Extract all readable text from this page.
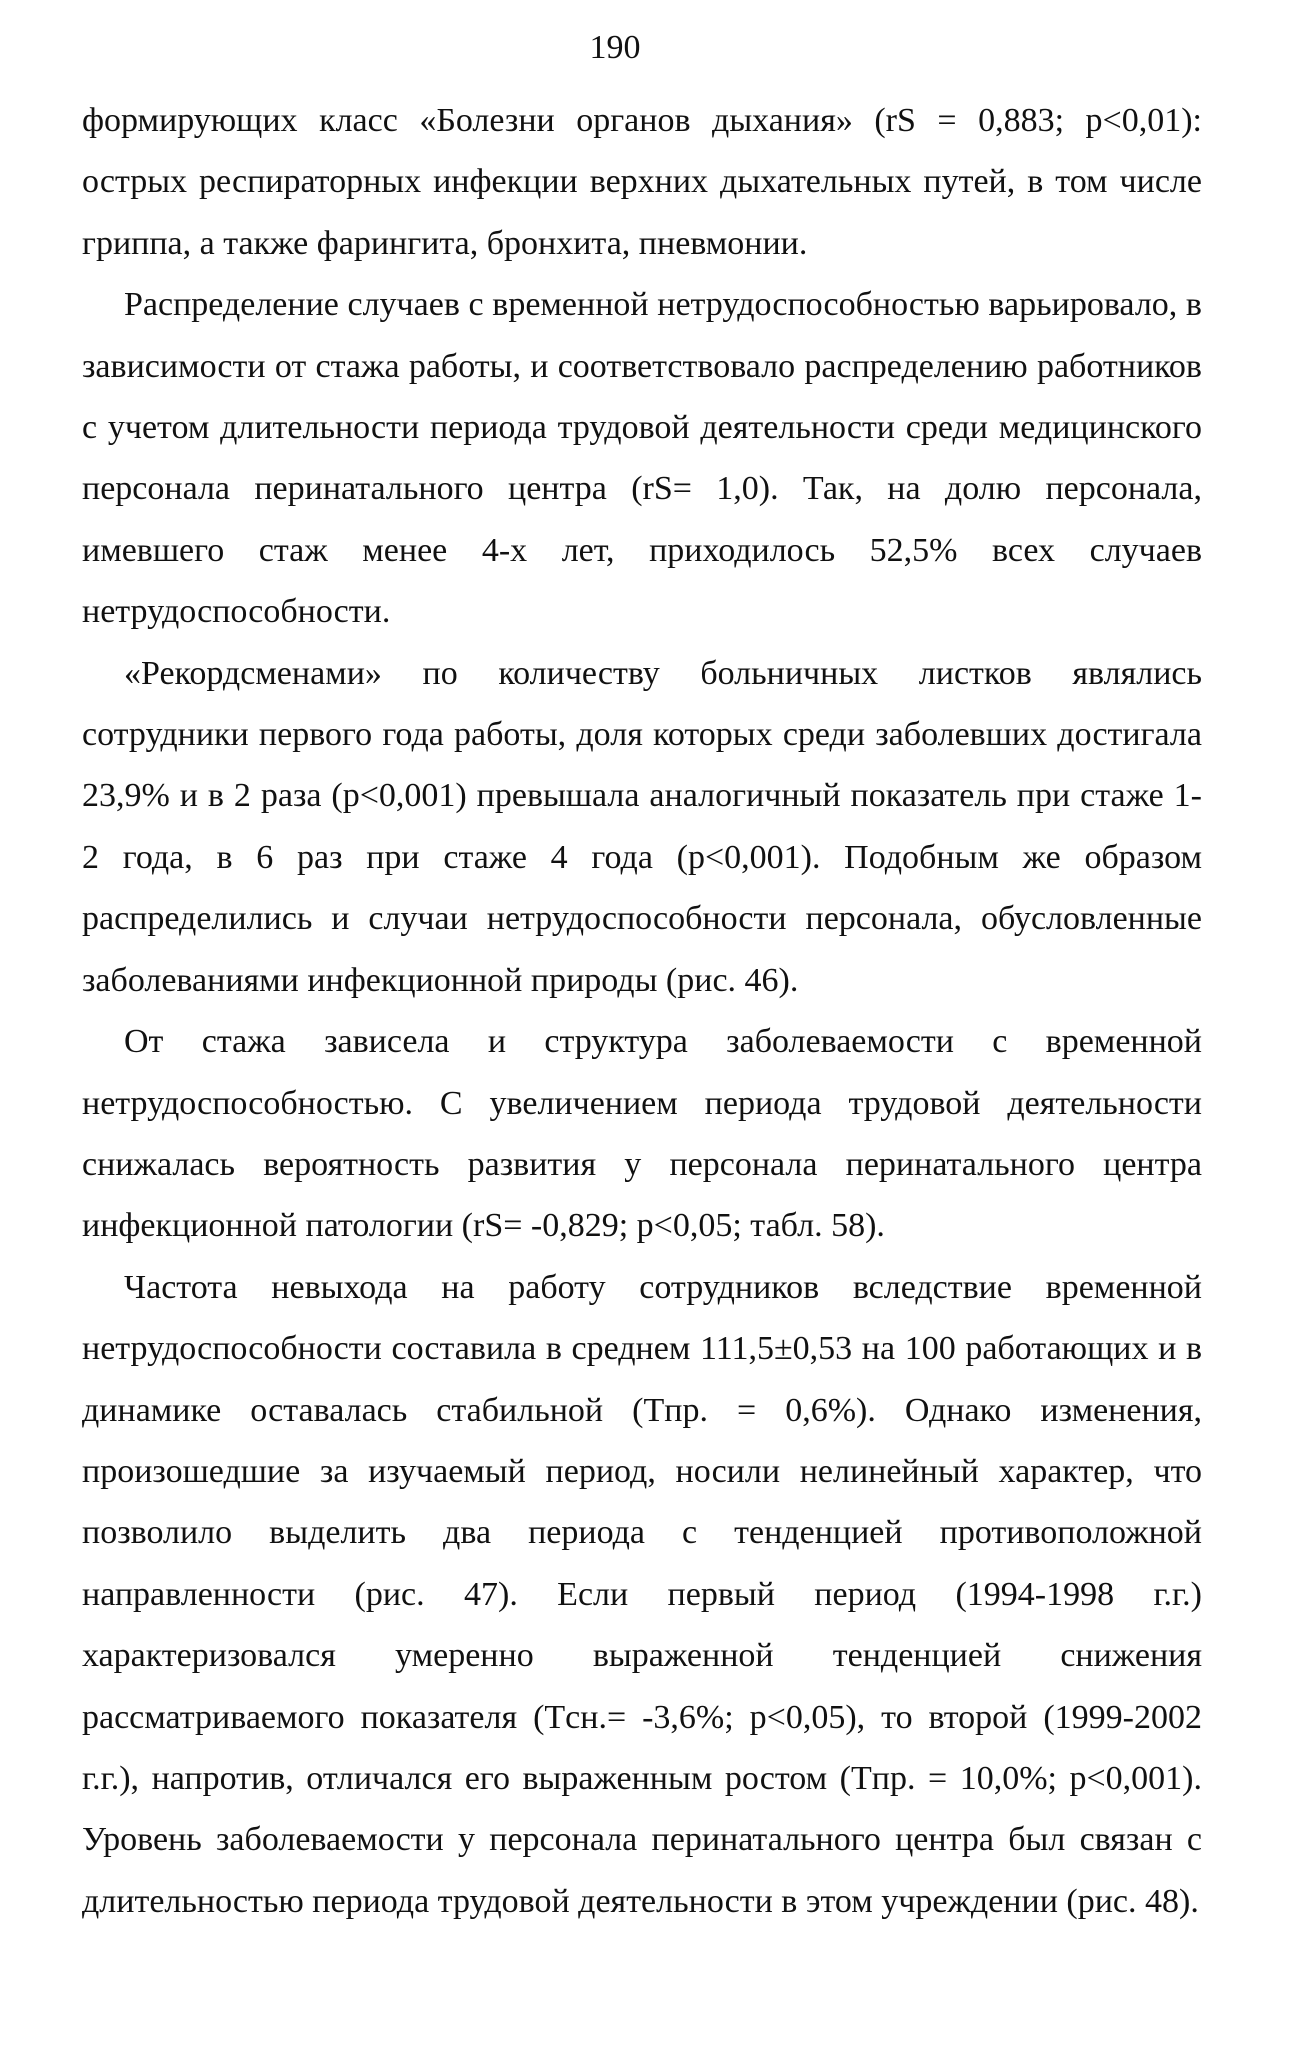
190

формирующих класс «Болезни органов дыхания» (rS = 0,883; p<0,01): острых респираторных инфекции верхних дыхательных путей, в том числе гриппа, а также фарингита, бронхита, пневмонии.

Распределение случаев с временной нетрудоспособностью варьировало, в зависимости от стажа работы, и соответствовало распределению работников с учетом длительности периода трудовой деятельности среди медицинского персонала перинатального центра (rS= 1,0). Так, на долю персонала, имевшего стаж менее 4-х лет, приходилось 52,5% всех случаев нетрудоспособности.

«Рекордсменами» по количеству больничных листков являлись сотрудники первого года работы, доля которых среди заболевших достигала 23,9% и в 2 раза (p<0,001) превышала аналогичный показатель при стаже 1-2 года, в 6 раз при стаже 4 года (p<0,001). Подобным же образом распределились и случаи нетрудоспособности персонала, обусловленные заболеваниями инфекционной природы (рис. 46).

От стажа зависела и структура заболеваемости с временной нетрудоспособностью. С увеличением периода трудовой деятельности снижалась вероятность развития у персонала перинатального центра инфекционной патологии (rS= -0,829; p<0,05; табл. 58).

Частота невыхода на работу сотрудников вследствие временной нетрудоспособности составила в среднем 111,5±0,53 на 100 работающих и в динамике оставалась стабильной (Tпр. = 0,6%). Однако изменения, произошедшие за изучаемый период, носили нелинейный характер, что позволило выделить два периода с тенденцией противоположной направленности (рис. 47). Если первый период (1994-1998 г.г.) характеризовался умеренно выраженной тенденцией снижения рассматриваемого показателя (Tсн.= -3,6%; p<0,05), то второй (1999-2002 г.г.), напротив, отличался его выраженным ростом (Tпр. = 10,0%; p<0,001). Уровень заболеваемости у персонала перинатального центра был связан с длительностью периода трудовой деятельности в этом учреждении (рис. 48).
